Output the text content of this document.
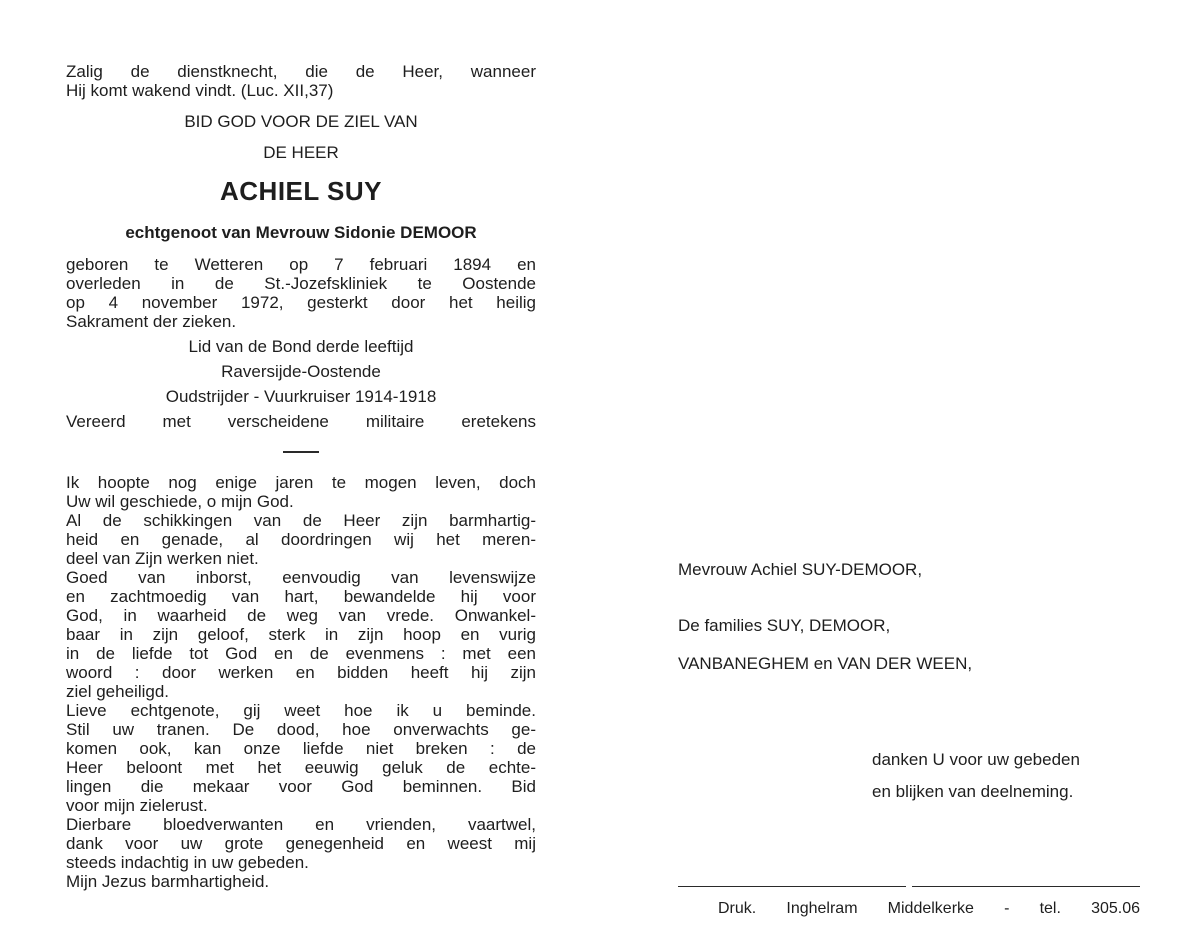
Zalig de dienstknecht, die de Heer, wanneer
Hij komt wakend vindt. (Luc. XII,37)
BID GOD VOOR DE ZIEL VAN
DE HEER
ACHIEL SUY
echtgenoot van Mevrouw Sidonie DEMOOR
geboren te Wetteren op 7 februari 1894 en
overleden in de St.-Jozefskliniek te Oostende
op 4 november 1972, gesterkt door het heilig
Sakrament der zieken.
Lid van de Bond derde leeftijd
Raversijde-Oostende
Oudstrijder - Vuurkruiser 1914-1918
Vereerd met verscheidene militaire eretekens
Ik hoopte nog enige jaren te mogen leven, doch
Uw wil geschiede, o mijn God.
Al de schikkingen van de Heer zijn barmhartig-
heid en genade, al doordringen wij het meren-
deel van Zijn werken niet.
Goed van inborst, eenvoudig van levenswijze
en zachtmoedig van hart, bewandelde hij voor
God, in waarheid de weg van vrede. Onwankel-
baar in zijn geloof, sterk in zijn hoop en vurig
in de liefde tot God en de evenmens : met een
woord : door werken en bidden heeft hij zijn
ziel geheiligd.
Lieve echtgenote, gij weet hoe ik u beminde.
Stil uw tranen. De dood, hoe onverwachts ge-
komen ook, kan onze liefde niet breken : de
Heer beloont met het eeuwig geluk de echte-
lingen die mekaar voor God beminnen. Bid
voor mijn zielerust.
Dierbare bloedverwanten en vrienden, vaartwel,
dank voor uw grote genegenheid en weest mij
steeds indachtig in uw gebeden.
Mijn Jezus barmhartigheid.
Mevrouw Achiel SUY-DEMOOR,
De families SUY, DEMOOR,
VANBANEGHEM en VAN DER WEEN,
danken U voor uw gebeden
en blijken van deelneming.
Druk. Inghelram Middelkerke - tel. 305.06
